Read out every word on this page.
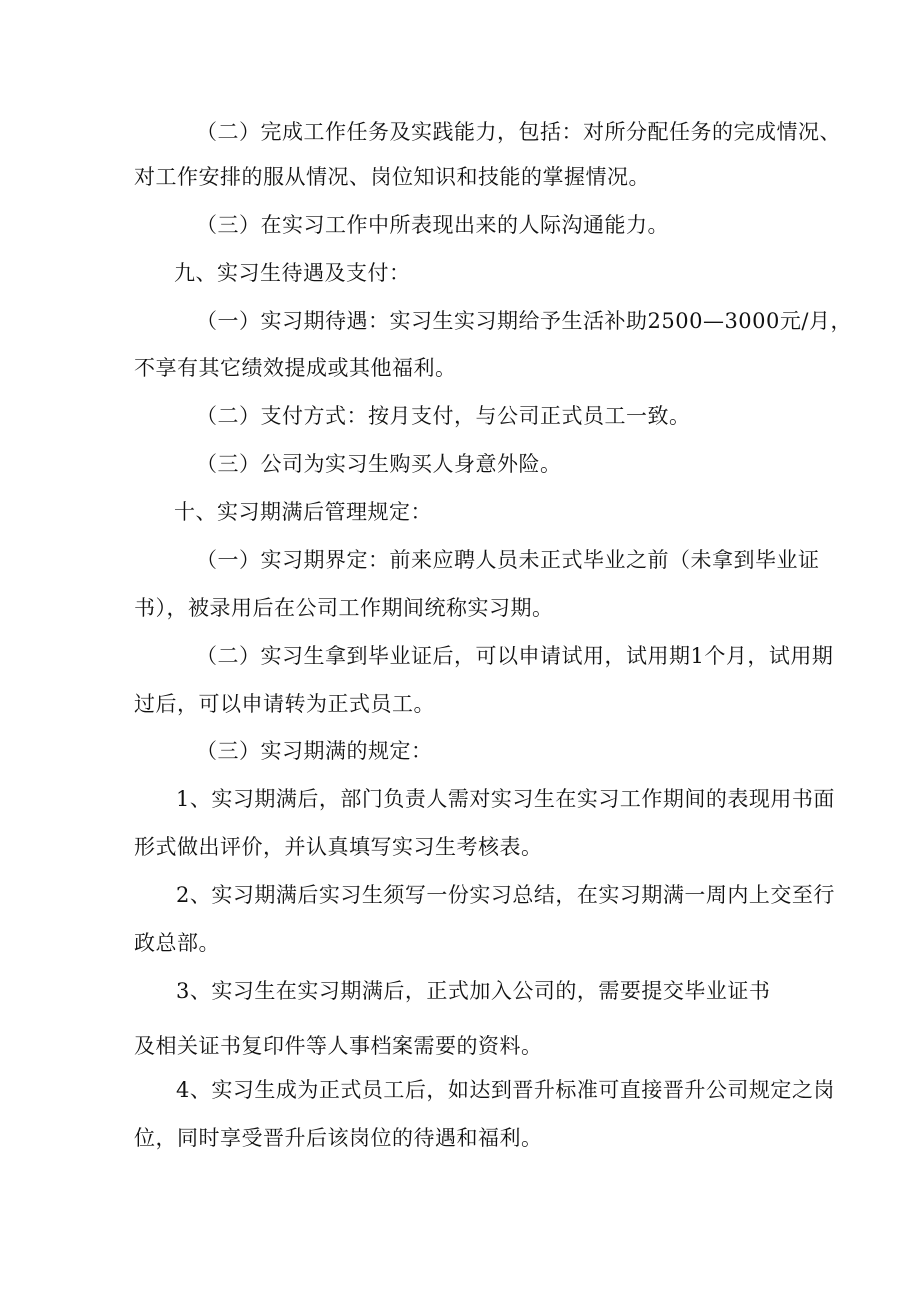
（二）完成工作任务及实践能力，包括：对所分配任务的完成情况、
对工作安排的服从情况、岗位知识和技能的掌握情况。
（三）在实习工作中所表现出来的人际沟通能力。
九、实习生待遇及支付：
（一）实习期待遇：实习生实习期给予生活补助2500—3000元/月，
不享有其它绩效提成或其他福利。
（二）支付方式：按月支付，与公司正式员工一致。
（三）公司为实习生购买人身意外险。
十、实习期满后管理规定：
（一）实习期界定：前来应聘人员未正式毕业之前（未拿到毕业证
书），被录用后在公司工作期间统称实习期。
（二）实习生拿到毕业证后，可以申请试用，试用期1个月，试用期
过后，可以申请转为正式员工。
（三）实习期满的规定：
1、实习期满后，部门负责人需对实习生在实习工作期间的表现用书面
形式做出评价，并认真填写实习生考核表。
2、实习期满后实习生须写一份实习总结，在实习期满一周内上交至行
政总部。
3、实习生在实习期满后，正式加入公司的，需要提交毕业证书
及相关证书复印件等人事档案需要的资料。
4、实习生成为正式员工后，如达到晋升标准可直接晋升公司规定之岗
位，同时享受晋升后该岗位的待遇和福利。
